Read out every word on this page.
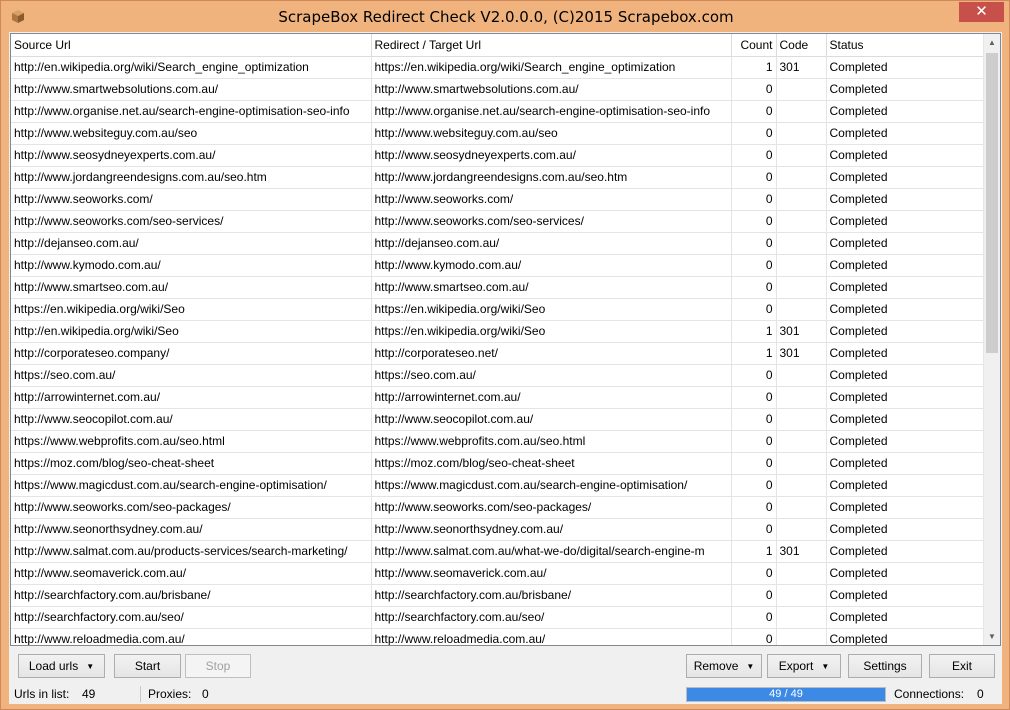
ScrapeBox Redirect Check V2.0.0.0, (C)2015 Scrapebox.com	✕
Source Url	Redirect / Target Url	Count	Code	Status
http://en.wikipedia.org/wiki/Search_engine_optimization	https://en.wikipedia.org/wiki/Search_engine_optimization	1	301	Completed
http://www.smartwebsolutions.com.au/	http://www.smartwebsolutions.com.au/	0		Completed
http://www.organise.net.au/search-engine-optimisation-seo-info	http://www.organise.net.au/search-engine-optimisation-seo-info	0		Completed
http://www.websiteguy.com.au/seo	http://www.websiteguy.com.au/seo	0		Completed
http://www.seosydneyexperts.com.au/	http://www.seosydneyexperts.com.au/	0		Completed
http://www.jordangreendesigns.com.au/seo.htm	http://www.jordangreendesigns.com.au/seo.htm	0		Completed
http://www.seoworks.com/	http://www.seoworks.com/	0		Completed
http://www.seoworks.com/seo-services/	http://www.seoworks.com/seo-services/	0		Completed
http://dejanseo.com.au/	http://dejanseo.com.au/	0		Completed
http://www.kymodo.com.au/	http://www.kymodo.com.au/	0		Completed
http://www.smartseo.com.au/	http://www.smartseo.com.au/	0		Completed
https://en.wikipedia.org/wiki/Seo	https://en.wikipedia.org/wiki/Seo	0		Completed
http://en.wikipedia.org/wiki/Seo	https://en.wikipedia.org/wiki/Seo	1	301	Completed
http://corporateseo.company/	http://corporateseo.net/	1	301	Completed
https://seo.com.au/	https://seo.com.au/	0		Completed
http://arrowinternet.com.au/	http://arrowinternet.com.au/	0		Completed
http://www.seocopilot.com.au/	http://www.seocopilot.com.au/	0		Completed
https://www.webprofits.com.au/seo.html	https://www.webprofits.com.au/seo.html	0		Completed
https://moz.com/blog/seo-cheat-sheet	https://moz.com/blog/seo-cheat-sheet	0		Completed
https://www.magicdust.com.au/search-engine-optimisation/	https://www.magicdust.com.au/search-engine-optimisation/	0		Completed
http://www.seoworks.com/seo-packages/	http://www.seoworks.com/seo-packages/	0		Completed
http://www.seonorthsydney.com.au/	http://www.seonorthsydney.com.au/	0		Completed
http://www.salmat.com.au/products-services/search-marketing/	http://www.salmat.com.au/what-we-do/digital/search-engine-m	1	301	Completed
http://www.seomaverick.com.au/	http://www.seomaverick.com.au/	0		Completed
http://searchfactory.com.au/brisbane/	http://searchfactory.com.au/brisbane/	0		Completed
http://searchfactory.com.au/seo/	http://searchfactory.com.au/seo/	0		Completed
http://www.reloadmedia.com.au/	http://www.reloadmedia.com.au/	0		Completed
▲
▼
Load urls ▼	Start	Stop	Remove ▼	Export ▼	Settings	Exit
Urls in list: 49	Proxies: 0	49 / 49	Connections: 0
